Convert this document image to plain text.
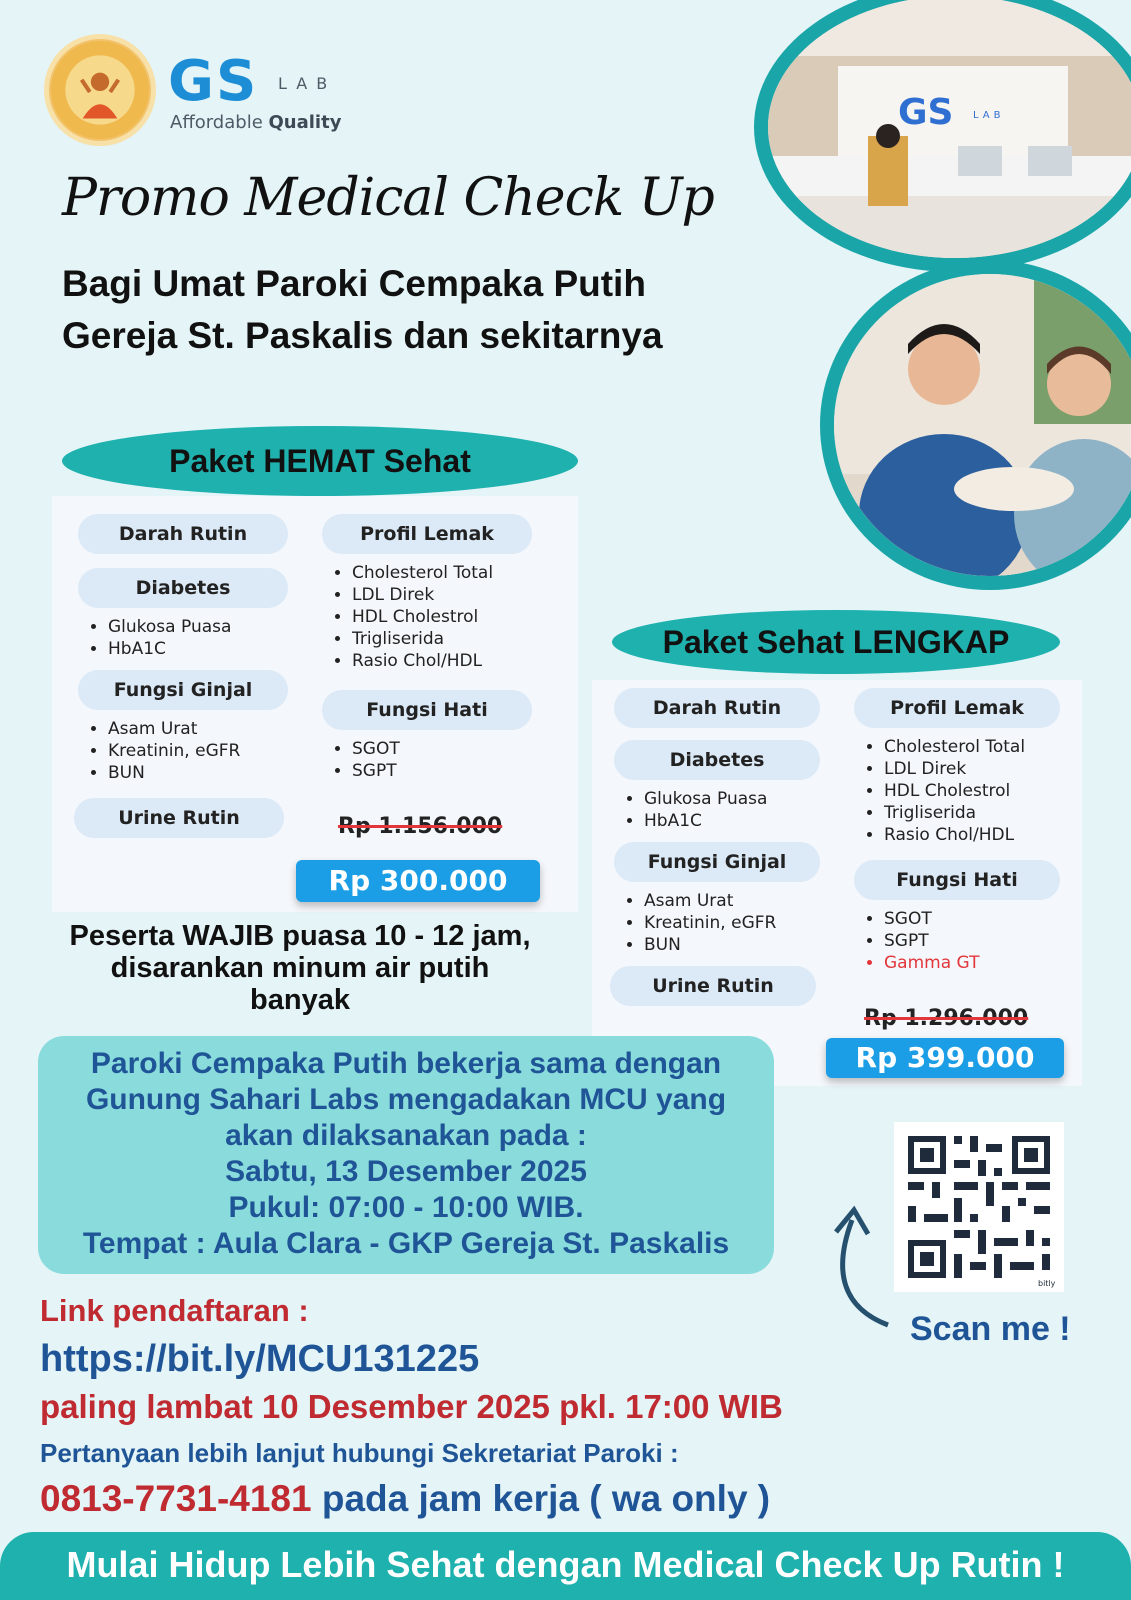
GS LAB
Affordable Quality
Promo Medical Check Up
Bagi Umat Paroki Cempaka Putih
Gereja St. Paskalis dan sekitarnya
GS LAB
Paket HEMAT Sehat
Darah Rutin
Diabetes
• Glukosa Puasa
• HbA1C
Fungsi Ginjal
• Asam Urat
• Kreatinin, eGFR
• BUN
Urine Rutin
Profil Lemak
• Cholesterol Total
• LDL Direk
• HDL Cholestrol
• Trigliserida
• Rasio Chol/HDL
Fungsi Hati
• SGOT
• SGPT
Rp 1.156.000
Rp 300.000
Peserta WAJIB puasa 10 - 12 jam,
disarankan minum air putih
banyak
Paket Sehat LENGKAP
Darah Rutin
Diabetes
• Glukosa Puasa
• HbA1C
Fungsi Ginjal
• Asam Urat
• Kreatinin, eGFR
• BUN
Urine Rutin
Profil Lemak
• Cholesterol Total
• LDL Direk
• HDL Cholestrol
• Trigliserida
• Rasio Chol/HDL
Fungsi Hati
• SGOT
• SGPT
• Gamma GT
Rp 1.296.000
Rp 399.000
Paroki Cempaka Putih bekerja sama dengan
Gunung Sahari Labs mengadakan MCU yang
akan dilaksanakan pada :
Sabtu, 13 Desember 2025
Pukul: 07:00 - 10:00 WIB.
Tempat : Aula Clara - GKP Gereja St. Paskalis
bitly
Scan me !
Link pendaftaran :
https://bit.ly/MCU131225
paling lambat 10 Desember 2025 pkl. 17:00 WIB
Pertanyaan lebih lanjut hubungi Sekretariat Paroki :
0813-7731-4181 pada jam kerja ( wa only )
Mulai Hidup Lebih Sehat dengan Medical Check Up Rutin !
